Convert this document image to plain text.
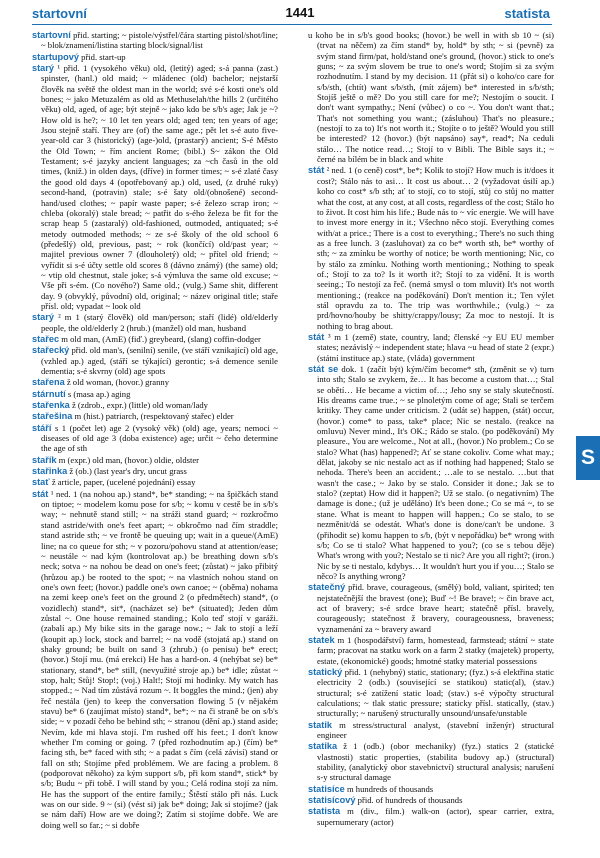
startovní	1441	statista

startovní přid. starting; ~ pistole/výstřel/čára starting pistol/shot/line; ~ blok/znamení/listina starting block/signal/list

startupový přid. start-up

starý ¹ přid. 1 (vysokého věku) old, (letitý) aged; s-á panna (zast.) spinster, (hanl.) old maid; ~ mládenec (old) bachelor; nejstarší člověk na světě the oldest man in the world; své s-é kosti one's old bones; ~ jako Metuzalém as old as Methuselah/the hills 2 (určitého věku) old, aged, of age; být stejně ~ jako kdo be s/b's age; Jak je ~? How old is he?; ~ 10 let ten years old; aged ten; ten years of age; Jsou stejně staří. They are (of) the same age.; pět let s-é auto five-year-old car 3 (historický) (age-)old, (prastarý) ancient; S-é Město the Old Town; ~ řím ancient Rome; (bibl.) S~ zákon the Old Testament; s-é jazyky ancient languages; za ~ch časů in the old times, (kniž.) in olden days, (dříve) in former times; ~ s-é zlaté časy the good old days 4 (opotřebovaný ap.) old, used, (z druhé ruky) second-hand, (potravin) stale; s-é šaty old/(obnošené) second-hand/used clothes; ~ papír waste paper; s-é železo scrap iron; ~ chleba (okoralý) stale bread; ~ patřit do s-ého železa be fit for the scrap heap 5 (zastaralý) old-fashioned, outmoded, antiquated; s-é metody outmoded methods; ~ ze s-é školy of the old school 6 (předešlý) old, previous, past; ~ rok (končící) old/past year; ~ majitel previous owner 7 (dlouholetý) old; ~ přítel old friend; ~ vyřídit si s-é účty settle old scores 8 (dávno známý) (the same) old; ~ vtip old chestnut, stale joke; s-á výmluva the same old excuse; ~ Vše při s-ém. (Co nového?) Same old.; (vulg.) Same shit, different day. 9 (obvyklý, původní) old, original; ~ název original title; staře přísl. old; vypadat ~ look old

starý ² m 1 (starý člověk) old man/person; staří (lidé) old/elderly people, the old/elderly 2 (hrub.) (manžel) old man, husband

stařec m old man, (AmE) (fiď.) greybeard, (slang) coffin-dodger

stařecký přid. old man's, (senilní) senile, (ve stáří vznikající) old age, (vzhled ap.) aged, (stáří se týkající) gerontic; s-á demence senile dementia; s-é skvrny (old) age spots

stařena ž old woman, (hovor.) granny

stárnutí s (masa ap.) aging

stařenka ž (zdrob., expr.) (little) old woman/lady

stařešina m (hist.) patriarch, (respektovaný stařec) elder

stáří s 1 (počet let) age 2 (vysoký věk) (old) age, years; nemoci ~ diseases of old age 3 (doba existence) age; určit ~ čeho determine the age of sth

stařík m (expr.) old man, (hovor.) oldie, oldster

stařinka ž (ob.) (last year's dry, uncut grass

stať ž article, paper, (ucelené pojednání) essay

stát ¹ ned. 1 (na nohou ap.) stand*, be* standing; ~ na špičkách stand on tiptoe; ~ modelem komu pose for s/b; ~ komu v cestě be in s/b's way; ~ nehnutě stand still; ~ na stráži stand guard; ~ rozkročmo stand astride/with one's feet apart; ~ obkročmo nad čím straddle; stand astride sth; ~ ve frontě be queuing up; wait in a queue/(AmE) line; na co queue for sth; ~ v pozoru/pohovu stand at attention/ease; ~ neustále ~ nad kým (kontrolovat ap.) be breathing down s/b's neck; sotva ~ na nohou be dead on one's feet; (zůstat) ~ jako přibitý (hrůzou ap.) be rooted to the spot; ~ na vlastních nohou stand on one's own feet; (hovor.) paddle one's own canoe; ~ (oběma) nohama na zemi keep one's feet on the ground 2 (o předmětech) stand*, (o vozidlech) stand*, sit*, (nacházet se) be* (situated); Jeden dům zůstal ~. One house remained standing.; Kolo teď stojí v garáži. (zabalí ap.) My bike sits in the garage now.; ~ Jak to stojí a leží (koupit ap.) lock, stock and barrel; ~ na vodě (stojatá ap.) stand on shaky ground; be built on sand 3 (zhrub.) (o penisu) be* erect; (hovor.) Stojí mu. (má erekci) He has a hard-on. 4 (nehýbat se) be* stationary, stand*, be* still, (nevyužité stroje ap.) be* idle; zůstat ~ stop, halt; Stůj! Stop!; (voj.) Halt!; Stojí mi hodinky. My watch has stopped.; ~ Nad tím zůstává rozum ~. It boggles the mind.; (jen) aby řeč nestála (jen) to keep the conversation flowing 5 (v nějakém stavu) be* 6 (zaujímat místo) stand*, be*; ~ na či straně be on s/b's side; ~ v pozadí čeho be behind sth; ~ stranou (dění ap.) stand aside; Nevím, kde mi hlava stojí. I'm rushed off his feet.; I don't know whether I'm coming or going. 7 (před rozhodnutím ap.) (čím) be* facing sth, be* faced with sth; ~ a padat s čím (celá závisí) stand or fall on sth; Stojíme před problémem. We are facing a problem. 8 (podporovat někoho) za kým support s/b, při kom stand*, stick* by s/b; Budu ~ při tobě. I will stand by you.; Celá rodina stojí za ním. He has the support of the entire family.; Štěstí stálo při nás. Luck was on our side. 9 ~ (si) (vést si) jak be* doing; Jak si stojíme? (jak se nám daří) How are we doing?; Zatím si stojíme dobře. We are doing well so far.; ~ si dobře

u koho be in s/b's good books; (hovor.) be well in with sb 10 ~ (si) (trvat na něčem) za čím stand* by, hold* by sth; ~ si (pevně) za svým stand firm/pat, hold/stand one's ground, (hovor.) stick to one's guns; ~ za svým slovem be true to one's word; Stojím si za svým rozhodnutím. I stand by my decision. 11 (přát si) o koho/co care for s/b/sth, (chtít) want s/b/sth, (mít zájem) be* interested in s/b/sth; Stojíš ještě o mě? Do you still care for me?; Nestojím o soucit. I don't want sympathy.; Není (vůbec) o co ~. You don't want that.; That's not something you want.; (zásluhou) That's no pleasure.; (nestojí to za to) It's not worth it.; Stojíte o to ještě? Would you still be interested? 12 (hovor.) (být napsáno) say*, read*; Na ceduli stálo… The notice read…; Stojí to v Bibli. The Bible says it.; ~ černé na bílém be in black and white

stát ² ned. 1 (o ceně) cost*, be*; Kolik to stojí? How much is it/does it cost?; Stálo nás to asi… It cost us about… 2 (vyžadovat úsilí ap.) koho co cost* s/b sth; ať to stojí, co to stojí, stůj co stůj no matter what the cost, at any cost, at all costs, regardless of the cost; Stálo ho to život. It cost him his life.; Bude nás to ~ víc energie. We will have to invest more energy in it.; Všechno něco stojí. Everything comes with/at a price.; There is a cost to everything.; There's no such thing as a free lunch. 3 (zasluhovat) za co be* worth sth, be* worthy of sth; ~ za zmínku be worthy of notice; be worth mentioning; Nic, co by stálo za zmínku. Nothing worth mentioning.; Nothing to speak of.; Stojí to za to? Is it worth it?; Stojí to za vidění. It is worth seeing.; To nestojí za řeč. (nemá smysl o tom mluvit) It's not worth mentioning.; (reakce na poděkování) Don't mention it.; Ten výlet stál opravdu za to. The trip was worthwhile.; (vulg.) ~ za prd/hovno/houby be shitty/crappy/lousy; Za moc to nestojí. It is nothing to brag about.

stát ³ m 1 (země) state, country, land; členské ~y EU EU member states; nezávislý ~ independent state; hlava ~u head of state 2 (expr.) (státní instituce ap.) state, (vláda) government

stát se dok. 1 (začít být) kým/čím become* sth, (změnit se v) turn into sth; Stalo se zvykem, že… It has become a custom that…; Stal se obětí… He became a victim of…; Jeho sny se staly skutečností. His dreams came true.; ~ se plnoletým come of age; Stali se terčem kritiky. They came under criticism. 2 (udát se) happen, (stát) occur, (hovor.) come* to pass, take* place; Nic se nestalo. (reakce na omluvu) Never mind., It's OK.; Rádo se stalo. (po poděkování) My pleasure., You are welcome., Not at all., (hovor.) No problem.; Co se stalo? What (has) happened?; Ať se stane cokoliv. Come what may.; dělat, jakoby se nic nestalo act as if nothing had happened; Stalo se nehoda. There's been an accident.; …ale to se nestalo. …but that wasn't the case.; ~ Jako by se stalo. Consider it done.; Jak se to stalo? (zeptat) How did it happen?; Už se stalo. (o negativním) The damage is done.; (už je uděláno) It's been done.; Co se má ~, to se stane. What is meant to happen will happen.; Co se stalo, to se nezměnit/dá se odestát. What's done is done/can't be undone. 3 (přihodit se) komu happen to s/b, (být v nepořádku) be* wrong with s/b; Co se ti stalo? What happened to you?; (co se s tebou děje) What's wrong with you?; Nestalo se ti nic? Are you all right?; (iron.) Nic by se ti nestalo, kdybys… It wouldn't hurt you if you…; Stalo se něco? Is anything wrong?

statečný přid. brave, courageous, (smělý) bold, valiant, spirited; ten nejstatečnější the bravest (one); Buď ~! Be brave!; ~ čin brave act, act of bravery; s-é srdce brave heart; statečně přísl. bravely, courageously; statečnost ž bravery, courageousness, braveness; vyznamenání za ~ bravery award

statek m 1 (hospodářství) farm, homestead, farmstead; státní ~ state farm; pracovat na statku work on a farm 2 statky (majetek) property, estate, (ekonomické) goods; hmotné statky material possessions

statický přid. 1 (nehybný) static, stationary; (fyz.) s-á elektřina static electricity 2 (odb.) (související se statikou) static(al), (stav.) structural; s-é zatížení static load; (stav.) s-é výpočty structural calculations; ~ tlak static pressure; staticky přísl. statically, (stav.) structurally; ~ narušený structurally unsound/unsafe/unstable

statik m stress/structural analyst, (stavební inženýr) structural engineer

statika ž 1 (odb.) (obor mechaniky) (fyz.) statics 2 (statické vlastnosti) static properties, (stabilita budovy ap.) (structural) stability, (analytický obor stavebnictví) structural analysis; narušení s-y structural damage

statisíce m hundreds of thousands

statisícový přid. of hundreds of thousands

statista m (div., film.) walk-on (actor), spear carrier, extra, supernumerary (actor)

S
